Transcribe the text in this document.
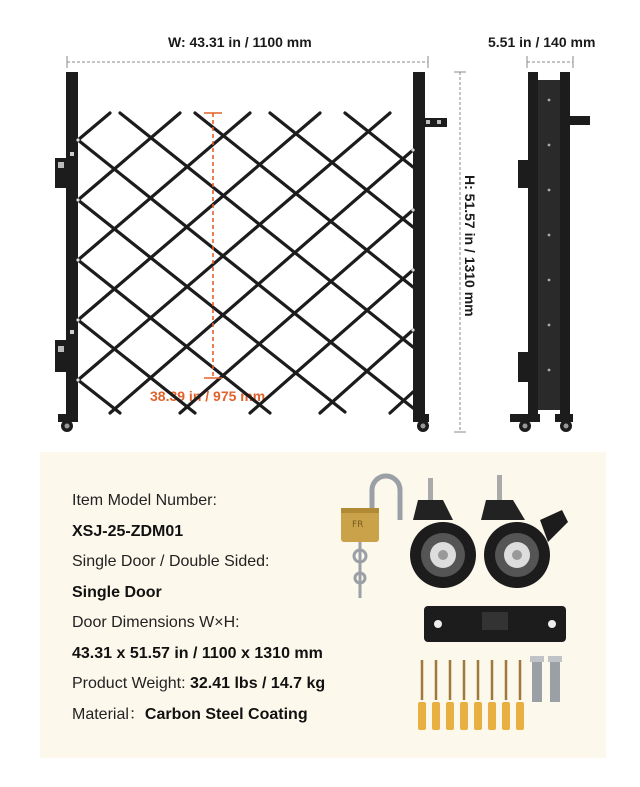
W: 43.31 in / 1100 mm	5.51 in / 140 mm
38.39 in / 975 mm
H: 51.57 in / 1310 mm
Item Model Number:
XSJ-25-ZDM01
Single Door / Double Sided:
Single Door
Door Dimensions W×H:
43.31 x 51.57 in / 1100 x 1310 mm
Product Weight: 32.41 lbs / 14.7 kg
Material：Carbon Steel Coating
FR
